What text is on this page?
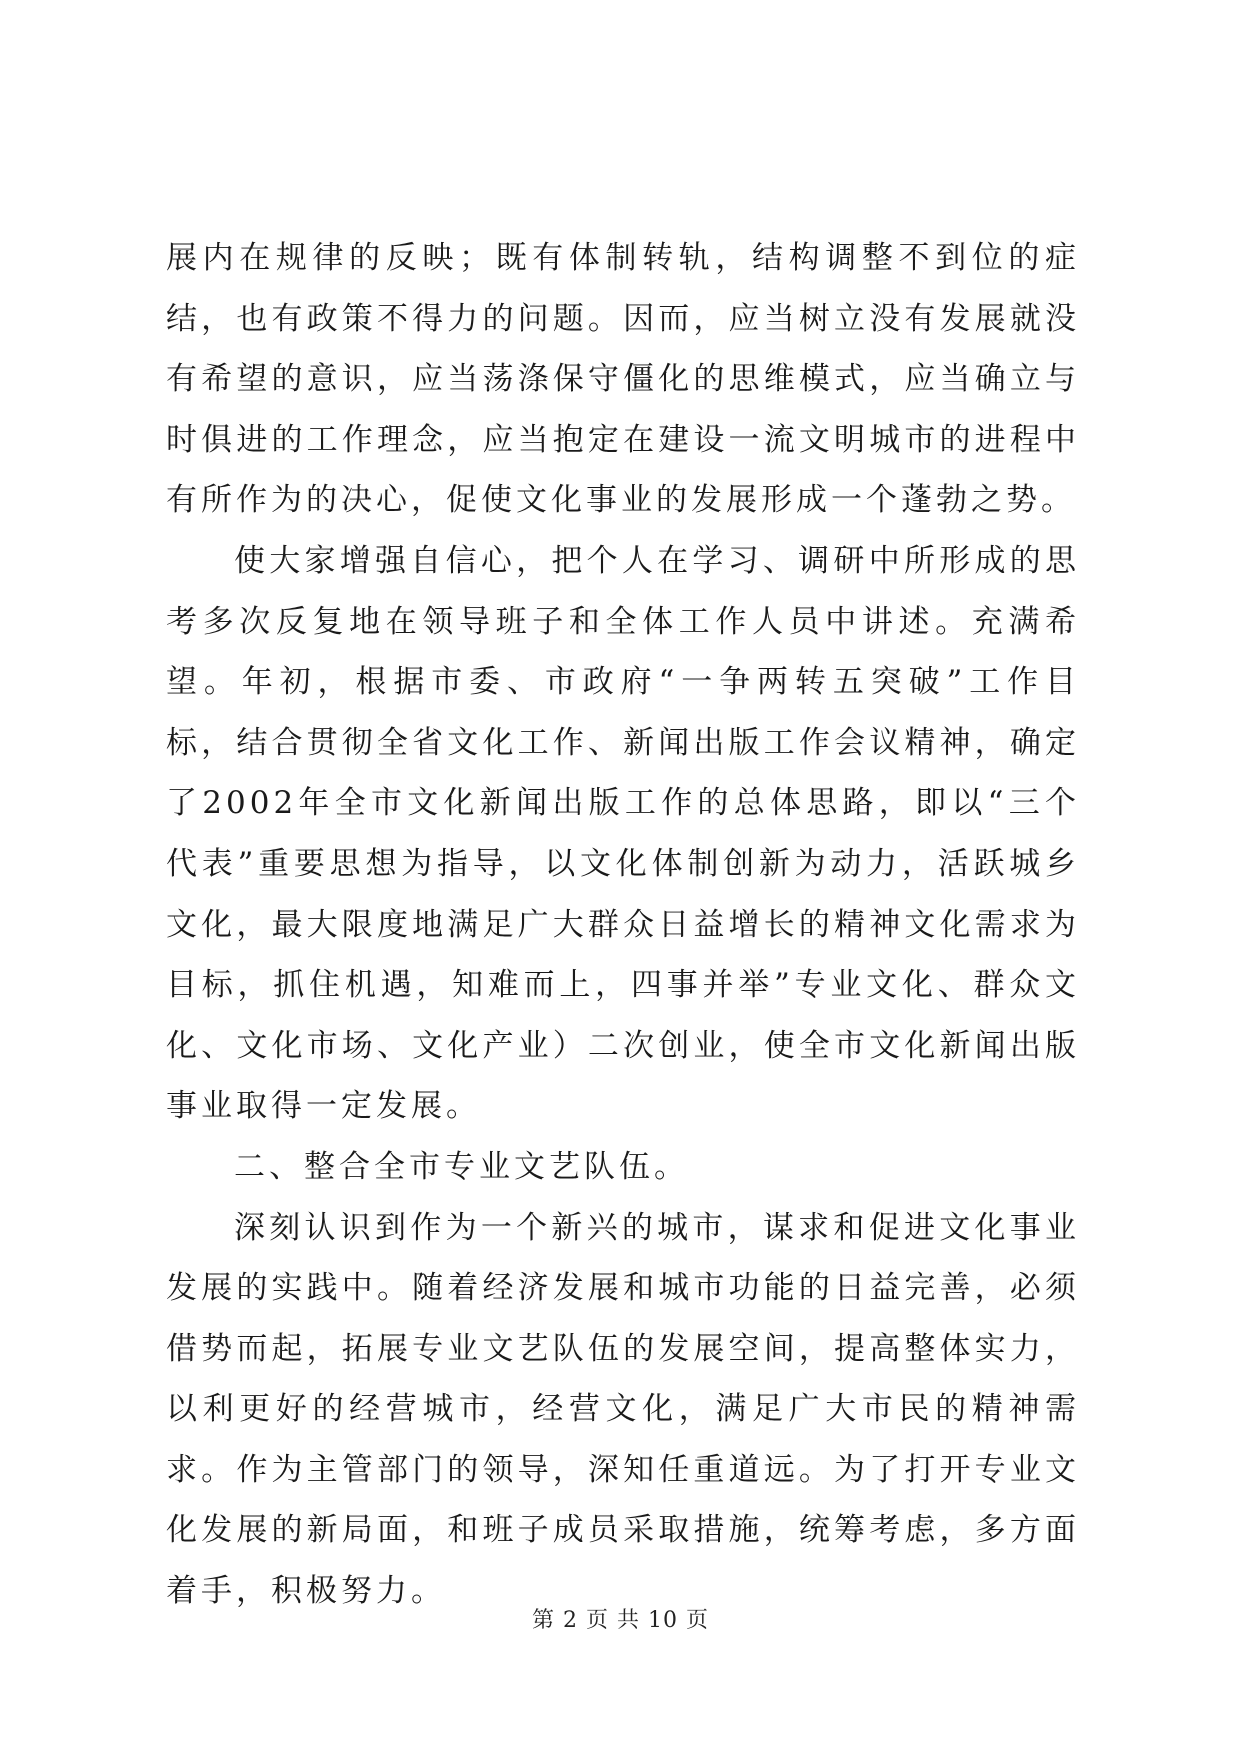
展内在规律的反映；既有体制转轨，结构调整不到位的症结，也有政策不得力的问题。因而，应当树立没有发展就没有希望的意识，应当荡涤保守僵化的思维模式，应当确立与时俱进的工作理念，应当抱定在建设一流文明城市的进程中有所作为的决心，促使文化事业的发展形成一个蓬勃之势。

使大家增强自信心，把个人在学习、调研中所形成的思考多次反复地在领导班子和全体工作人员中讲述。充满希望。年初，根据市委、市政府“一争两转五突破”工作目标，结合贯彻全省文化工作、新闻出版工作会议精神，确定了2002年全市文化新闻出版工作的总体思路，即以“三个代表”重要思想为指导，以文化体制创新为动力，活跃城乡文化，最大限度地满足广大群众日益增长的精神文化需求为目标，抓住机遇，知难而上，四事并举”专业文化、群众文化、文化市场、文化产业）二次创业，使全市文化新闻出版事业取得一定发展。

二、整合全市专业文艺队伍。

深刻认识到作为一个新兴的城市，谋求和促进文化事业发展的实践中。随着经济发展和城市功能的日益完善，必须借势而起，拓展专业文艺队伍的发展空间，提高整体实力，以利更好的经营城市，经营文化，满足广大市民的精神需求。作为主管部门的领导，深知任重道远。为了打开专业文化发展的新局面，和班子成员采取措施，统筹考虑，多方面着手，积极努力。

第 2 页 共 10 页
